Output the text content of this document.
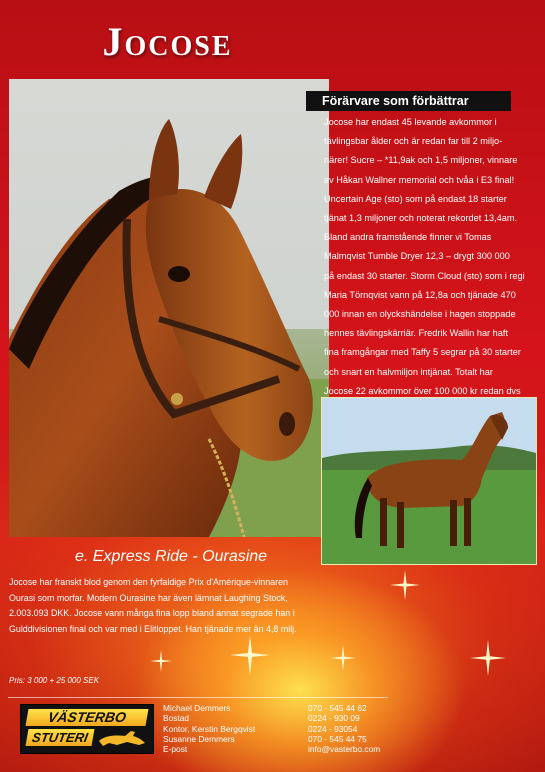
Jocose
Förärvare som förbättrar
Jocose har endast 45 levande avkommor i
tävlingsbar ålder och är redan far till 2 miljo-
närer! Sucre – *11,9ak och 1,5 miljoner, vinnare
av Håkan Wallner memorial och tvåa i E3 final!
Uncertain Age (sto) som på endast 18 starter
tjänat 1,3 miljoner och noterat rekordet 13,4am.
Bland andra framstående finner vi Tomas
Malmqvist Tumble Dryer 12,3 – drygt 300 000
på endast 30 starter. Storm Cloud (sto) som i regi
Maria Törnqvist vann på 12,8a och tjänade 470
000 innan en olyckshändelse i hagen stoppade
hennes tävlingskärriär. Fredrik Wallin har haft
fina framgångar med Taffy 5 segrar på 30 starter
och snart en halvmiljon intjänat. Totalt har
Jocose 22 avkommor över 100 000 kr redan dvs
e. Express Ride - Ourasine
Jocose har franskt blod genom den fyrfaldige Prix d'Amérique-vinnaren
Ourasi som morfar. Modern Ourasine har även lämnat Laughing Stock,
2.003.093 DKK. Jocose vann många fina lopp bland annat segrade han i
Gulddivisionen final och var med i Elitloppet. Han tjänade mer än 4,8 milj.
Pris: 3 000 + 25 000 SEK
VÄSTERBO
STUTERI
Michael Demmers	070 - 545 44 62
Bostad	0224 - 930 09
Kontor, Kerstin Bergqvist	0224 - 93054
Susanne Demmers	070 - 545 44 75
E-post	info@vasterbo.com
